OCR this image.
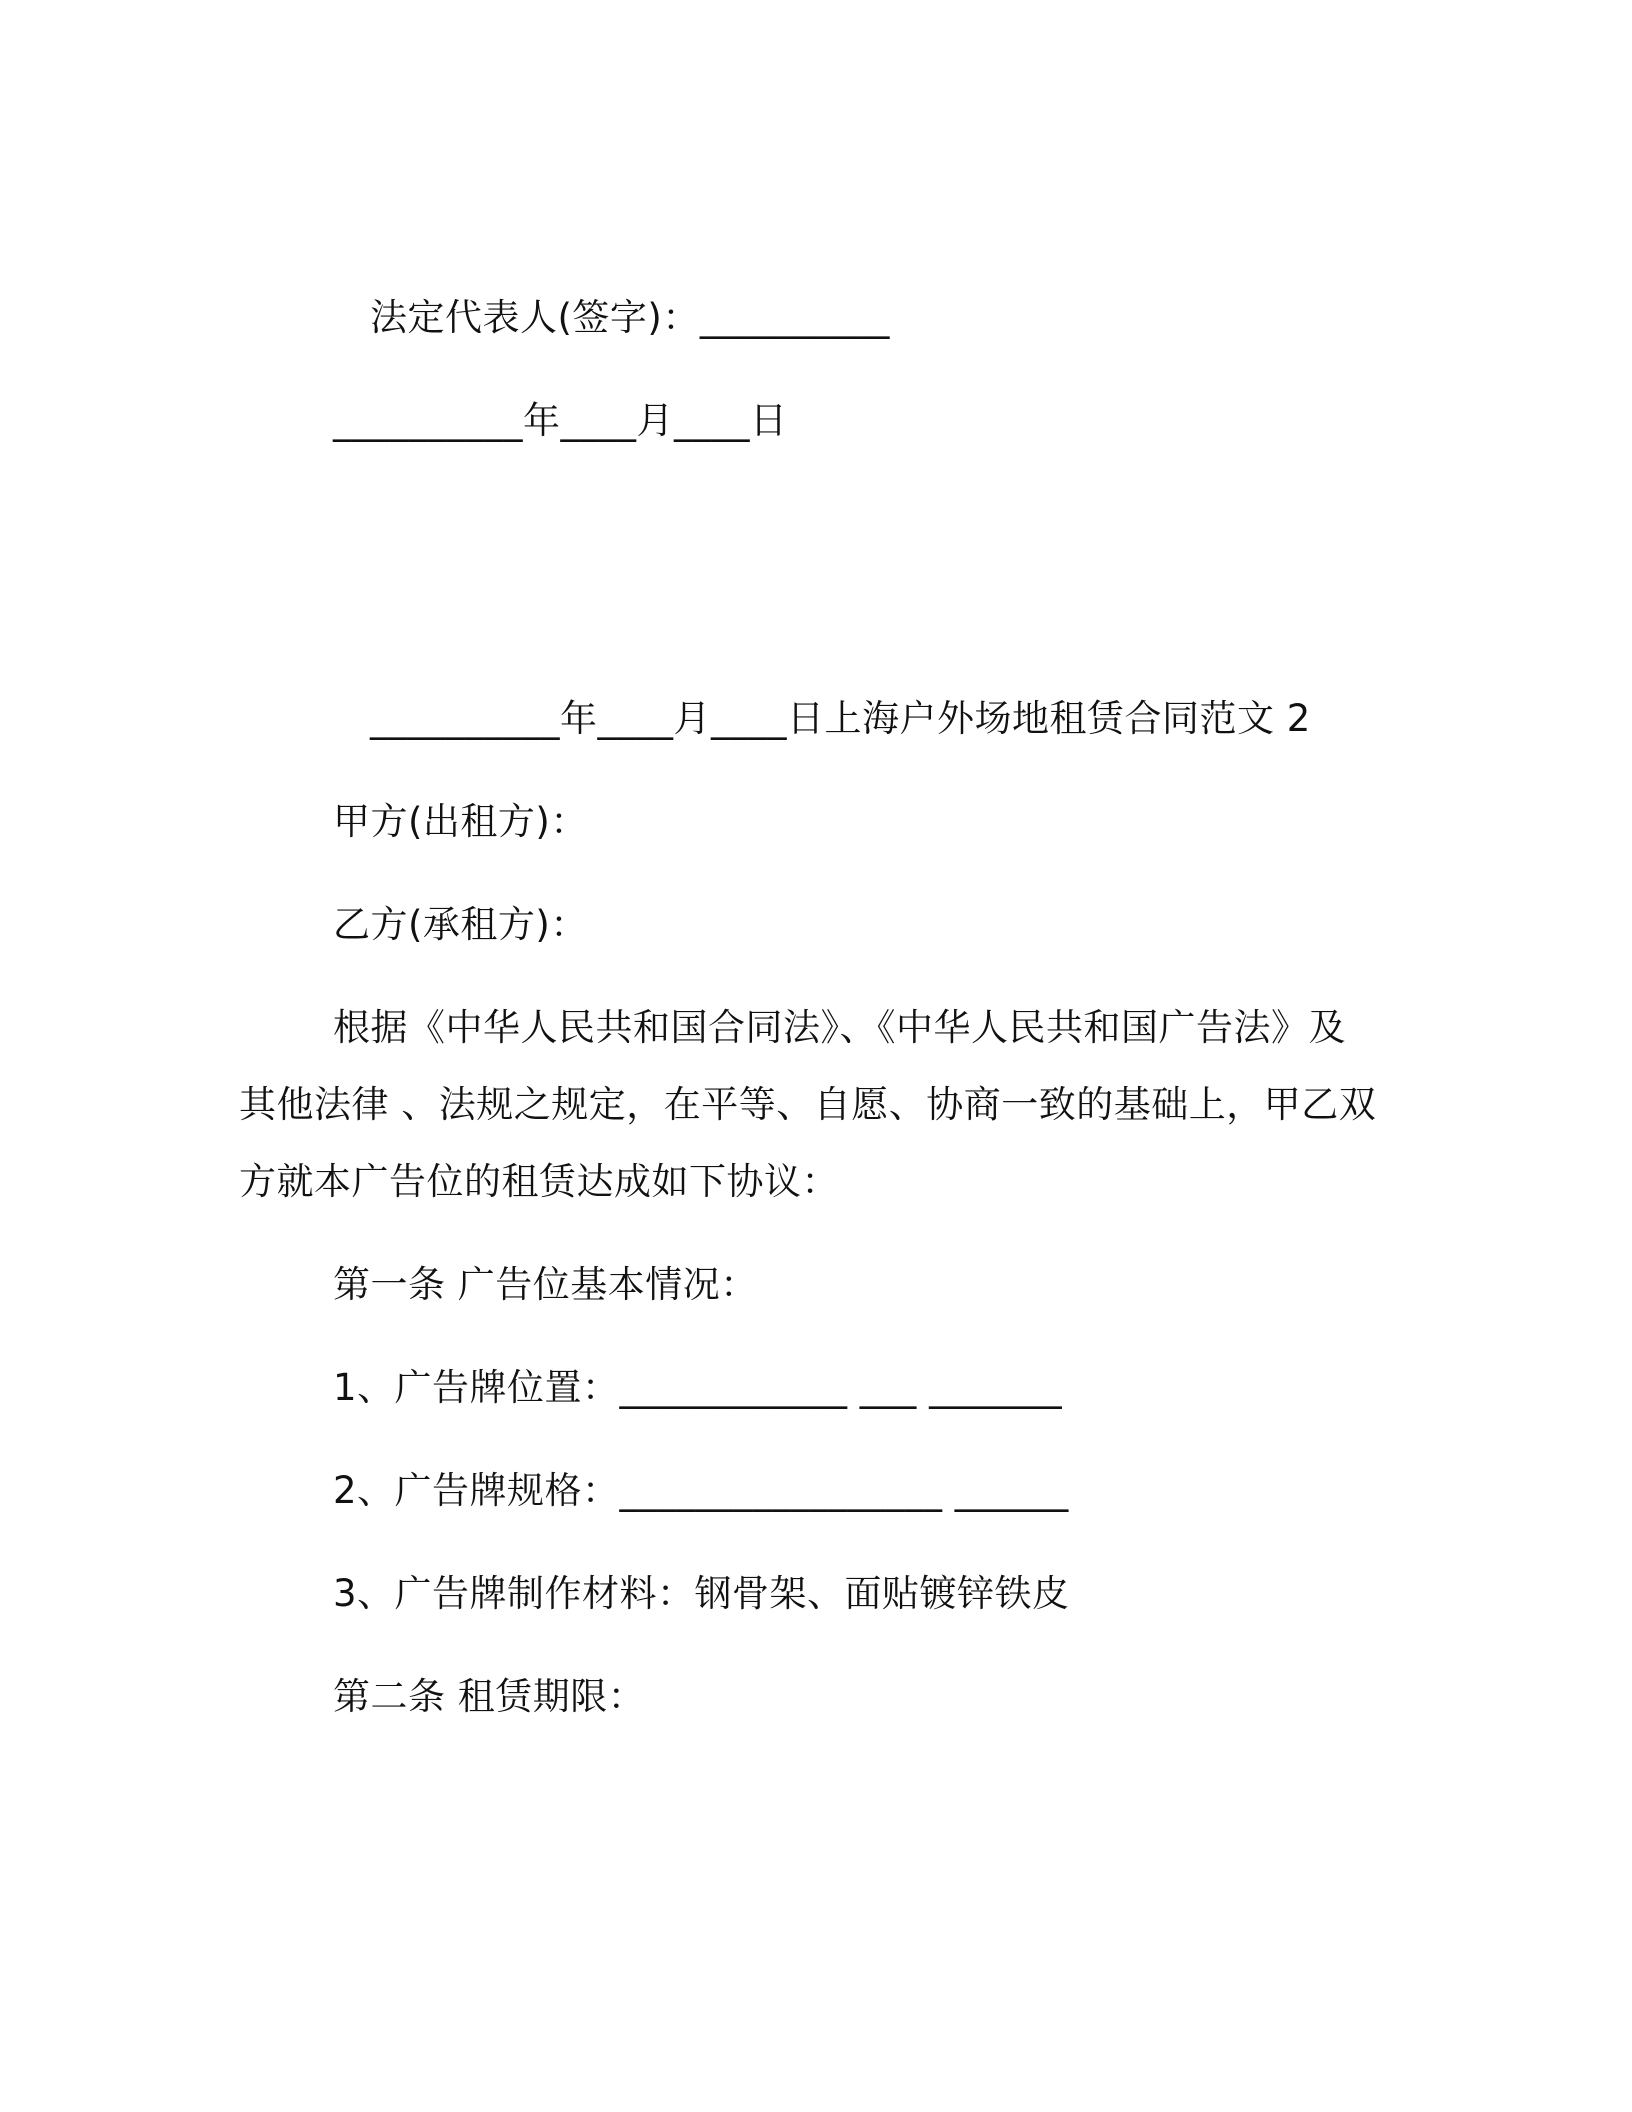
法定代表人(签字)：__________
__________年____月____日
__________年____月____日上海户外场地租赁合同范文 2
甲方(出租方)：
乙方(承租方)：
根据《中华人民共和国合同法》、《中华人民共和国广告法》及
其他法律 、法规之规定，在平等、自愿、协商一致的基础上，甲乙双
方就本广告位的租赁达成如下协议：
第一条 广告位基本情况：
1、广告牌位置：____________ ___ _______
2、广告牌规格：_________________ ______
3、广告牌制作材料：钢骨架、面贴镀锌铁皮
第二条 租赁期限：
